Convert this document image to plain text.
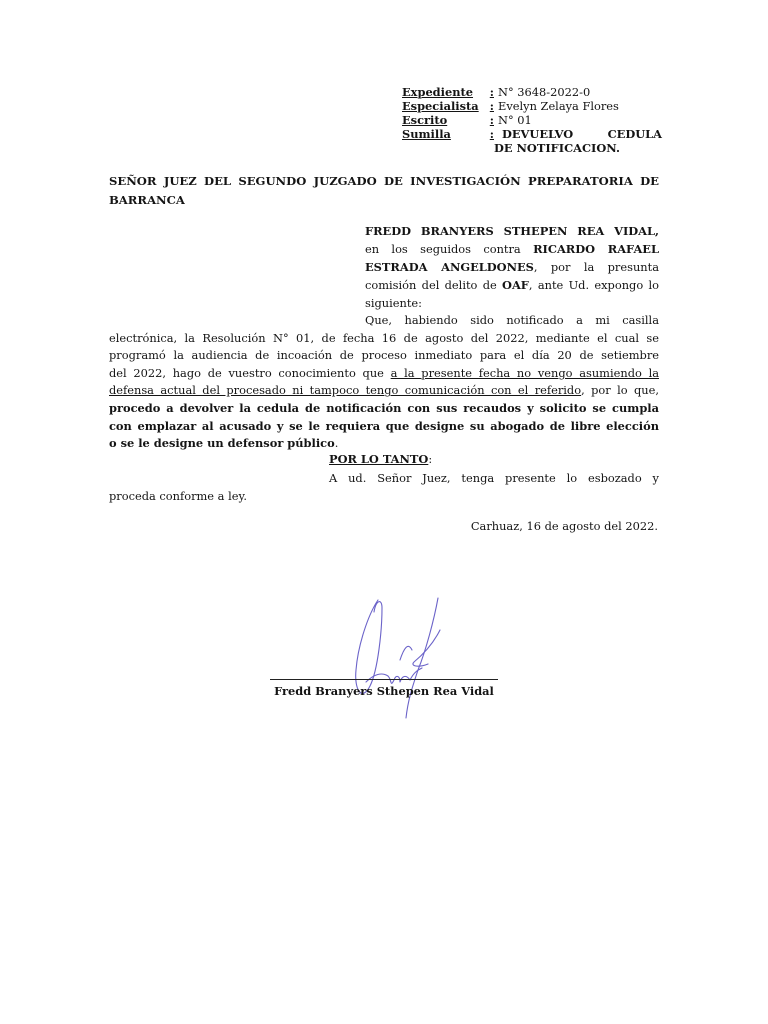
Expediente : N° 3648-2022-0
Especialista : Evelyn Zelaya Flores
Escrito	: N° 01
Sumilla	: DEVUELVO CEDULA
DE NOTIFICACION.
SEÑOR JUEZ DEL SEGUNDO JUZGADO DE INVESTIGACIÓN PREPARATORIA DE BARRANCA
FREDD BRANYERS STHEPEN REA VIDAL,
en los seguidos contra RICARDO RAFAEL ESTRADA ANGELDONES, por la presunta comisión del delito de OAF, ante Ud. expongo lo siguiente:
Que, habiendo sido notificado a mi casilla
electrónica, la Resolución N° 01, de fecha 16 de agosto del 2022, mediante el cual se
programó la audiencia de incoación de proceso inmediato para el día 20 de setiembre
del 2022, hago de vuestro conocimiento que a la presente fecha no vengo asumiendo la
defensa actual del procesado ni tampoco tengo comunicación con el referido, por lo que,
procedo a devolver la cedula de notificación con sus recaudos y solicito se cumpla
con emplazar al acusado y se le requiera que designe su abogado de libre elección
o se le designe un defensor público.
POR LO TANTO:
A ud. Señor Juez, tenga presente lo esbozado y
proceda conforme a ley.
Carhuaz, 16 de agosto del 2022.
Fredd Branyers Sthepen Rea Vidal
